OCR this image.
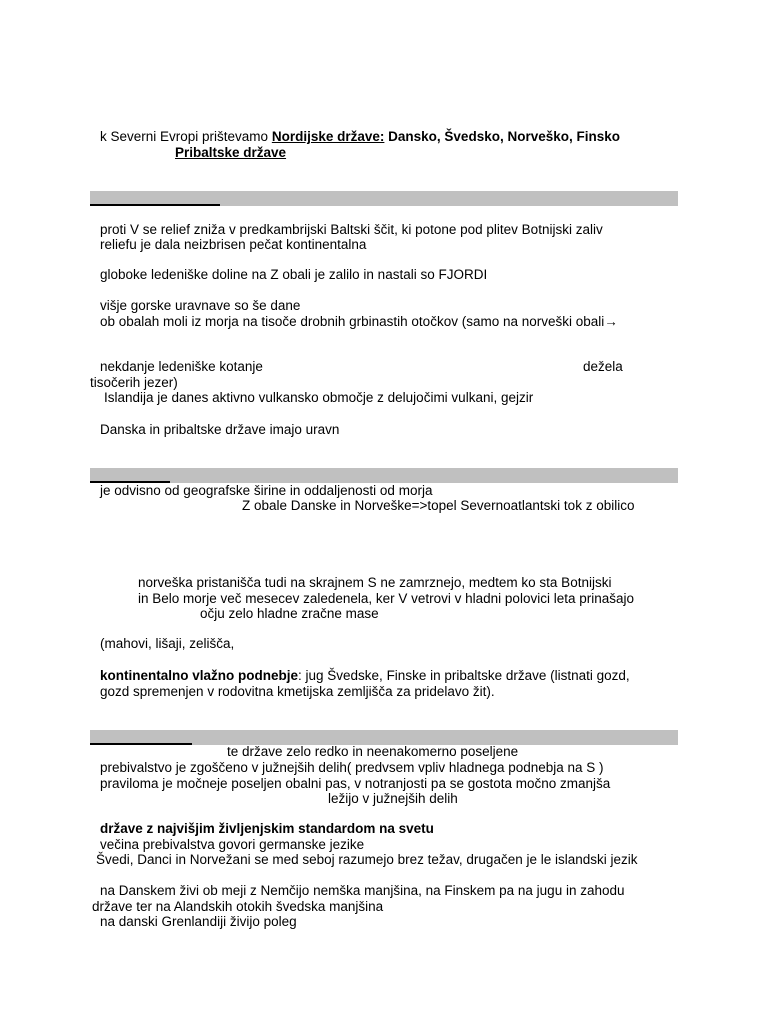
k Severni Evropi prištevamo Nordijske države: Dansko, Švedsko, Norveško, Finsko
Pribaltske države
proti V se relief zniža v predkambrijski Baltski ščit, ki potone pod plitev Botnijski zaliv
reliefu je dala neizbrisen pečat kontinentalna
globoke ledeniške doline na Z obali je zalilo in nastali so FJORDI
višje gorske uravnave so še dane
ob obalah moli iz morja na tisoče drobnih grbinastih otočkov (samo na norveški obali→
nekdanje ledeniške kotanje	dežela
tisočerih jezer)
Islandija je danes aktivno vulkansko območje z delujočimi vulkani, gejzir
Danska in pribaltske države imajo uravn
je odvisno od geografske širine in oddaljenosti od morja
Z obale Danske in Norveške=>topel Severnoatlantski tok z obilico
norveška pristanišča tudi na skrajnem S ne zamrznejo, medtem ko sta Botnijski
in Belo morje več mesecev zaledenela, ker V vetrovi v hladni polovici leta prinašajo
očju zelo hladne zračne mase
(mahovi, lišaji, zelišča,
kontinentalno vlažno podnebje: jug Švedske, Finske in pribaltske države (listnati gozd,
gozd spremenjen v rodovitna kmetijska zemljišča za pridelavo žit).
te države zelo redko in neenakomerno poseljene
prebivalstvo je zgoščeno v južnejših delih( predvsem vpliv hladnega podnebja na S )
praviloma je močneje poseljen obalni pas, v notranjosti pa se gostota močno zmanjša
ležijo v južnejših delih
države z najvišjim življenjskim standardom na svetu
večina prebivalstva govori germanske jezike
Švedi, Danci in Norvežani se med seboj razumejo brez težav, drugačen je le islandski jezik
na Danskem živi ob meji z Nemčijo nemška manjšina, na Finskem pa na jugu in zahodu
države ter na Alandskih otokih švedska manjšina
na danski Grenlandiji živijo poleg
